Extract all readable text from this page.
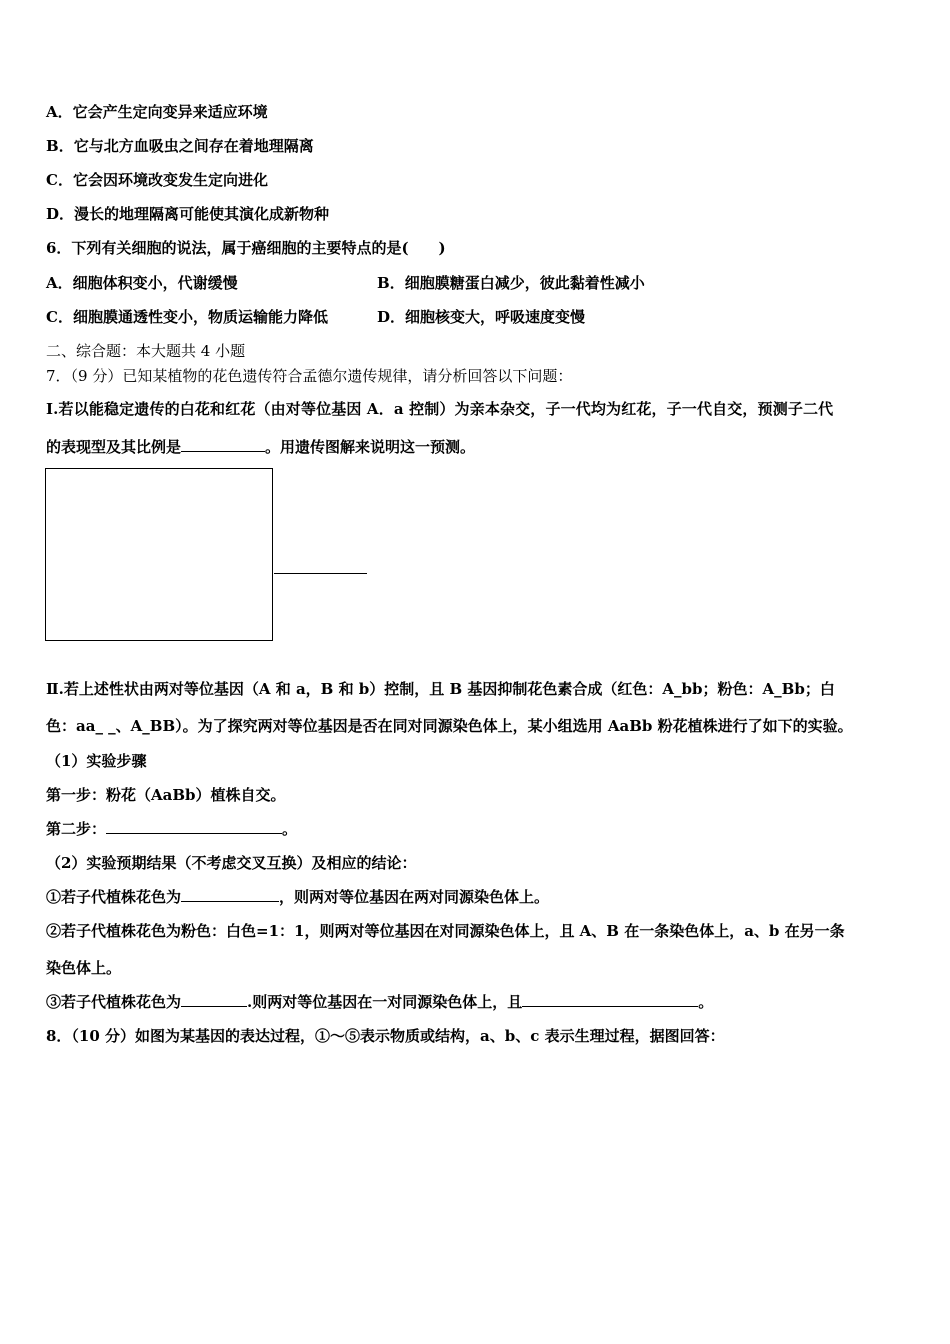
A．它会产生定向变异来适应环境
B．它与北方血吸虫之间存在着地理隔离
C．它会因环境改变发生定向进化
D．漫长的地理隔离可能使其演化成新物种
6．下列有关细胞的说法，属于癌细胞的主要特点的是(　　)
A．细胞体积变小，代谢缓慢	B．细胞膜糖蛋白减少，彼此黏着性减小
C．细胞膜通透性变小，物质运输能力降低	D．细胞核变大，呼吸速度变慢
二、综合题：本大题共 4 小题
7．（9 分）已知某植物的花色遗传符合孟德尔遗传规律，请分析回答以下问题：
Ⅰ.若以能稳定遗传的白花和红花（由对等位基因 A．a 控制）为亲本杂交，子一代均为红花，子一代自交，预测子二代
的表现型及其比例是	。用遗传图解来说明这一预测。
Ⅱ.若上述性状由两对等位基因（A 和 a，B 和 b）控制，且 B 基因抑制花色素合成（红色：A_bb；粉色：A_Bb；白
色：aa_ _、A_BB）。为了探究两对等位基因是否在同对同源染色体上，某小组选用 AaBb 粉花植株进行了如下的实验。
（1）实验步骤
第一步：粉花（AaBb）植株自交。
第二步：	。
（2）实验预期结果（不考虑交叉互换）及相应的结论：
①若子代植株花色为	，则两对等位基因在两对同源染色体上。
②若子代植株花色为粉色：白色=1：1，则两对等位基因在对同源染色体上，且 A、B 在一条染色体上，a、b 在另一条
染色体上。
③若子代植株花色为	.则两对等位基因在一对同源染色体上，且	。
8．（10 分）如图为某基因的表达过程，①～⑤表示物质或结构，a、b、c 表示生理过程，据图回答：
